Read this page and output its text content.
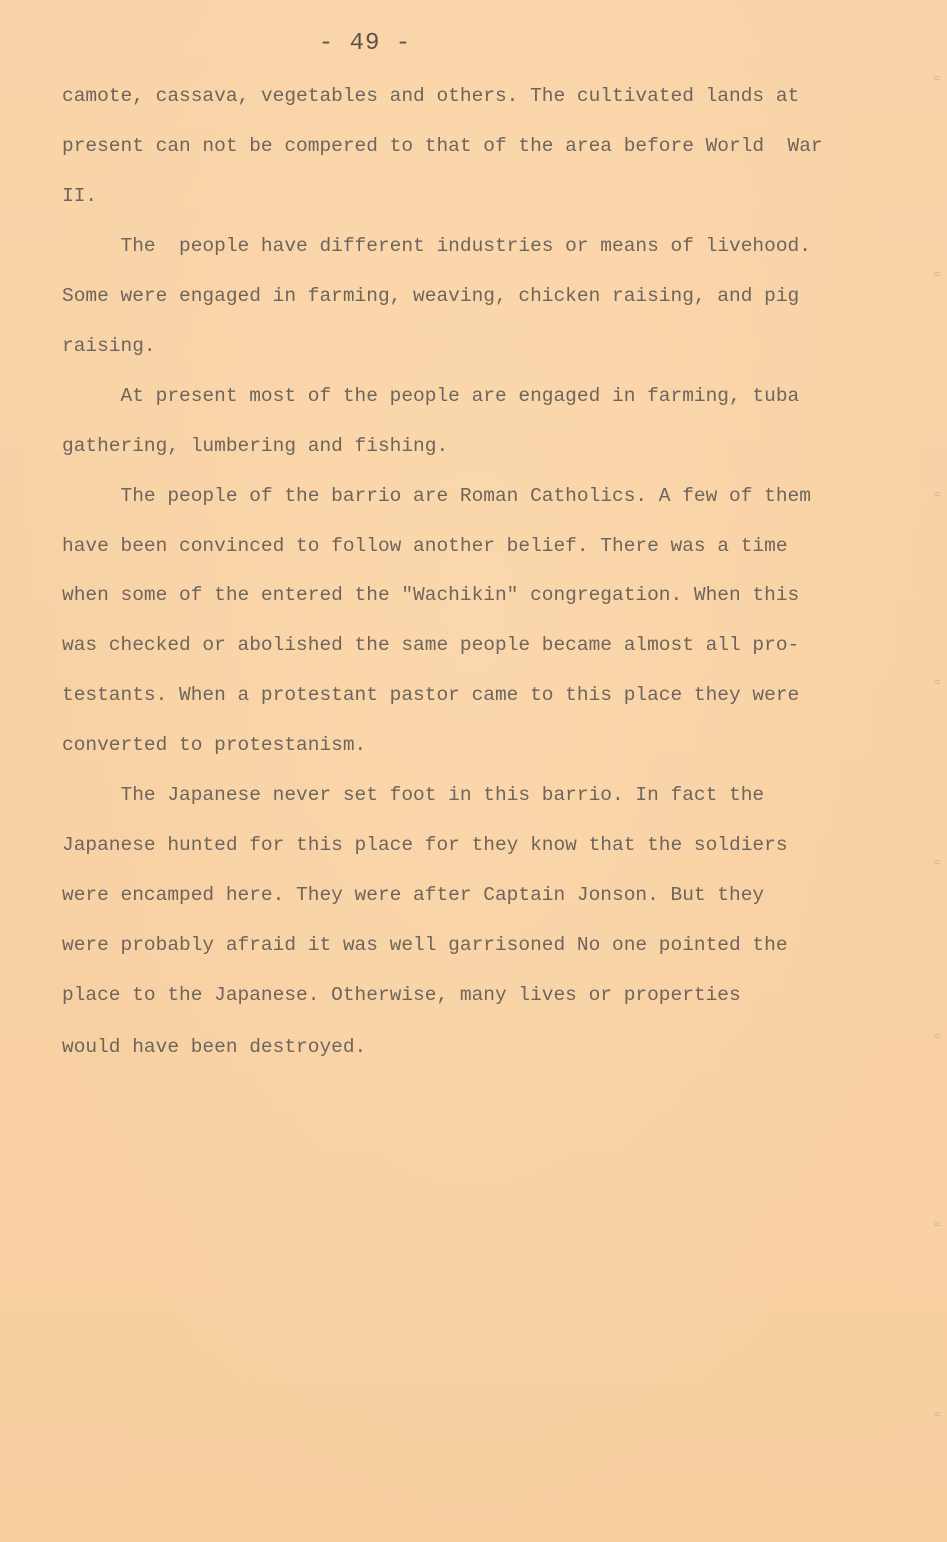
- 49 -
camote, cassava, vegetables and others. The cultivated lands at
present can not be compered to that of the area before World  War
II.
The  people have different industries or means of livehood.
Some were engaged in farming, weaving, chicken raising, and pig
raising.
At present most of the people are engaged in farming, tuba
gathering, lumbering and fishing.
The people of the barrio are Roman Catholics. A few of them
have been convinced to follow another belief. There was a time
when some of the entered the "Wachikin" congregation. When this
was checked or abolished the same people became almost all pro-
testants. When a protestant pastor came to this place they were
converted to protestanism.
The Japanese never set foot in this barrio. In fact the
Japanese hunted for this place for they know that the soldiers
were encamped here. They were after Captain Jonson. But they
were probably afraid it was well garrisoned No one pointed the
place to the Japanese. Otherwise, many lives or properties
would have been destroyed.
≈
≈
≈
≈
≈
≈
≈
≈
